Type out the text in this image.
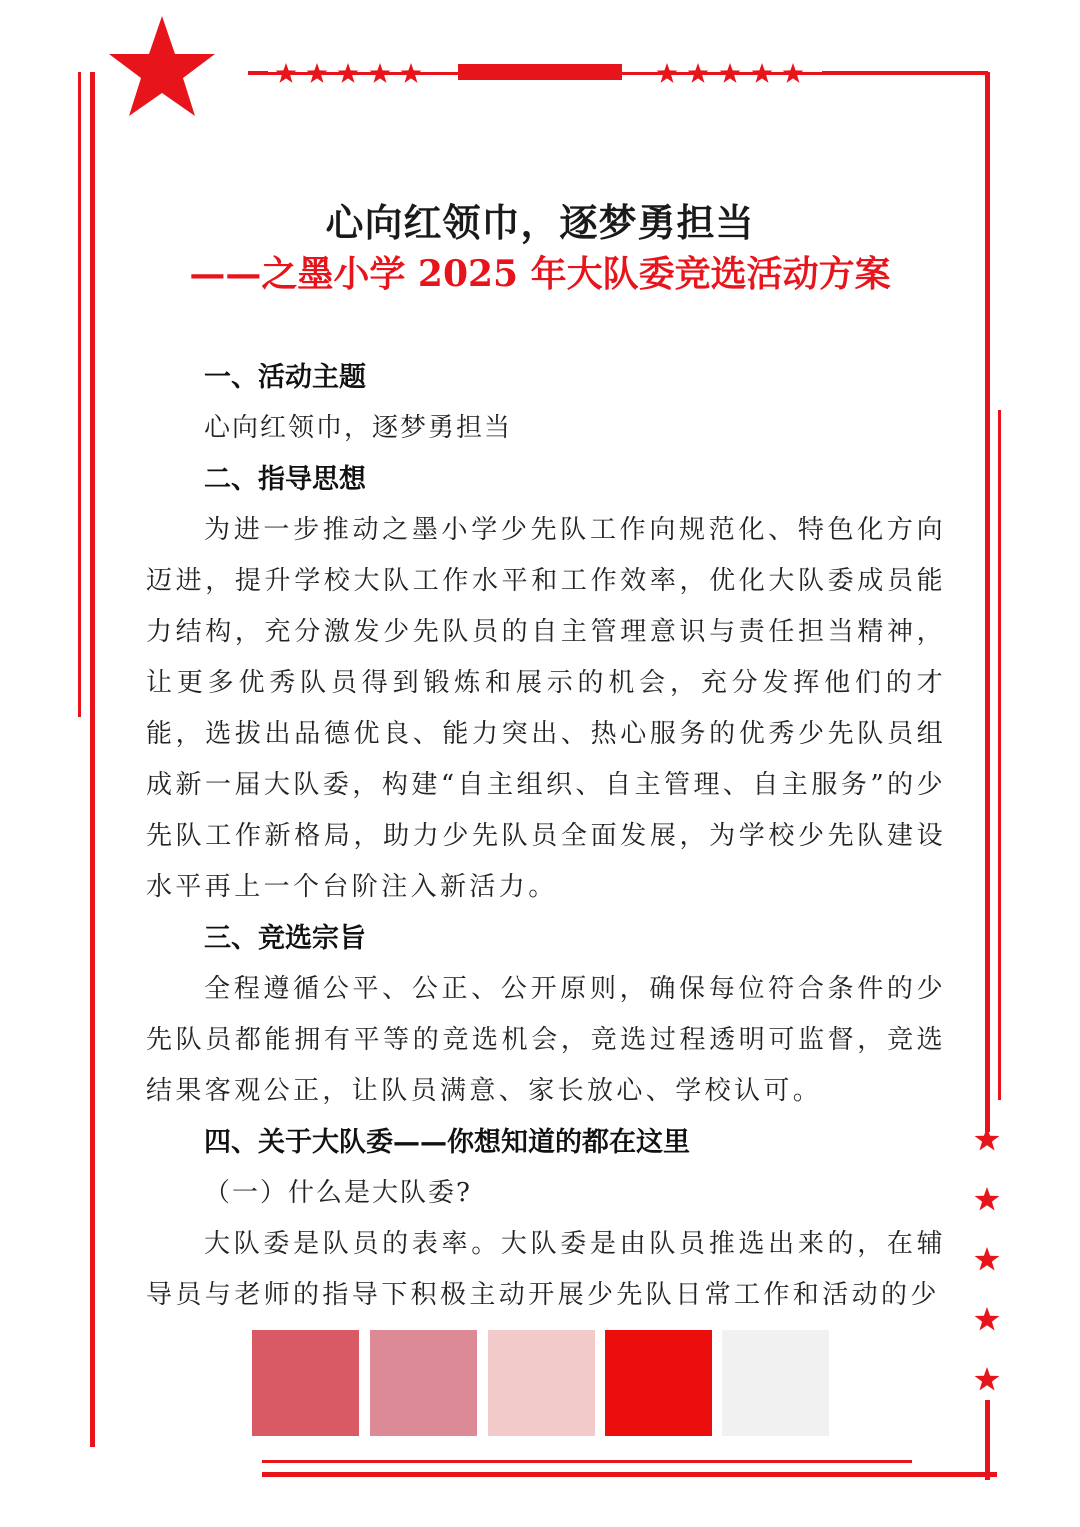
心向红领巾，逐梦勇担当
——之墨小学 2025 年大队委竞选活动方案
一、活动主题
心向红领巾，逐梦勇担当
二、指导思想

为进一步推动之墨小学少先队工作向规范化、特色化方向迈进，提升学校大队工作水平和工作效率，优化大队委成员能力结构，充分激发少先队员的自主管理意识与责任担当精神，让更多优秀队员得到锻炼和展示的机会，充分发挥他们的才能，选拔出品德优良、能力突出、热心服务的优秀少先队员组成新一届大队委，构建“自主组织、自主管理、自主服务”的少先队工作新格局，助力少先队员全面发展，为学校少先队建设水平再上一个台阶注入新活力。

三、竞选宗旨

全程遵循公平、公正、公开原则，确保每位符合条件的少先队员都能拥有平等的竞选机会，竞选过程透明可监督，竞选结果客观公正，让队员满意、家长放心、学校认可。

四、关于大队委——你想知道的都在这里
（一）什么是大队委?

大队委是队员的表率。大队委是由队员推选出来的，在辅导员与老师的指导下积极主动开展少先队日常工作和活动的少
